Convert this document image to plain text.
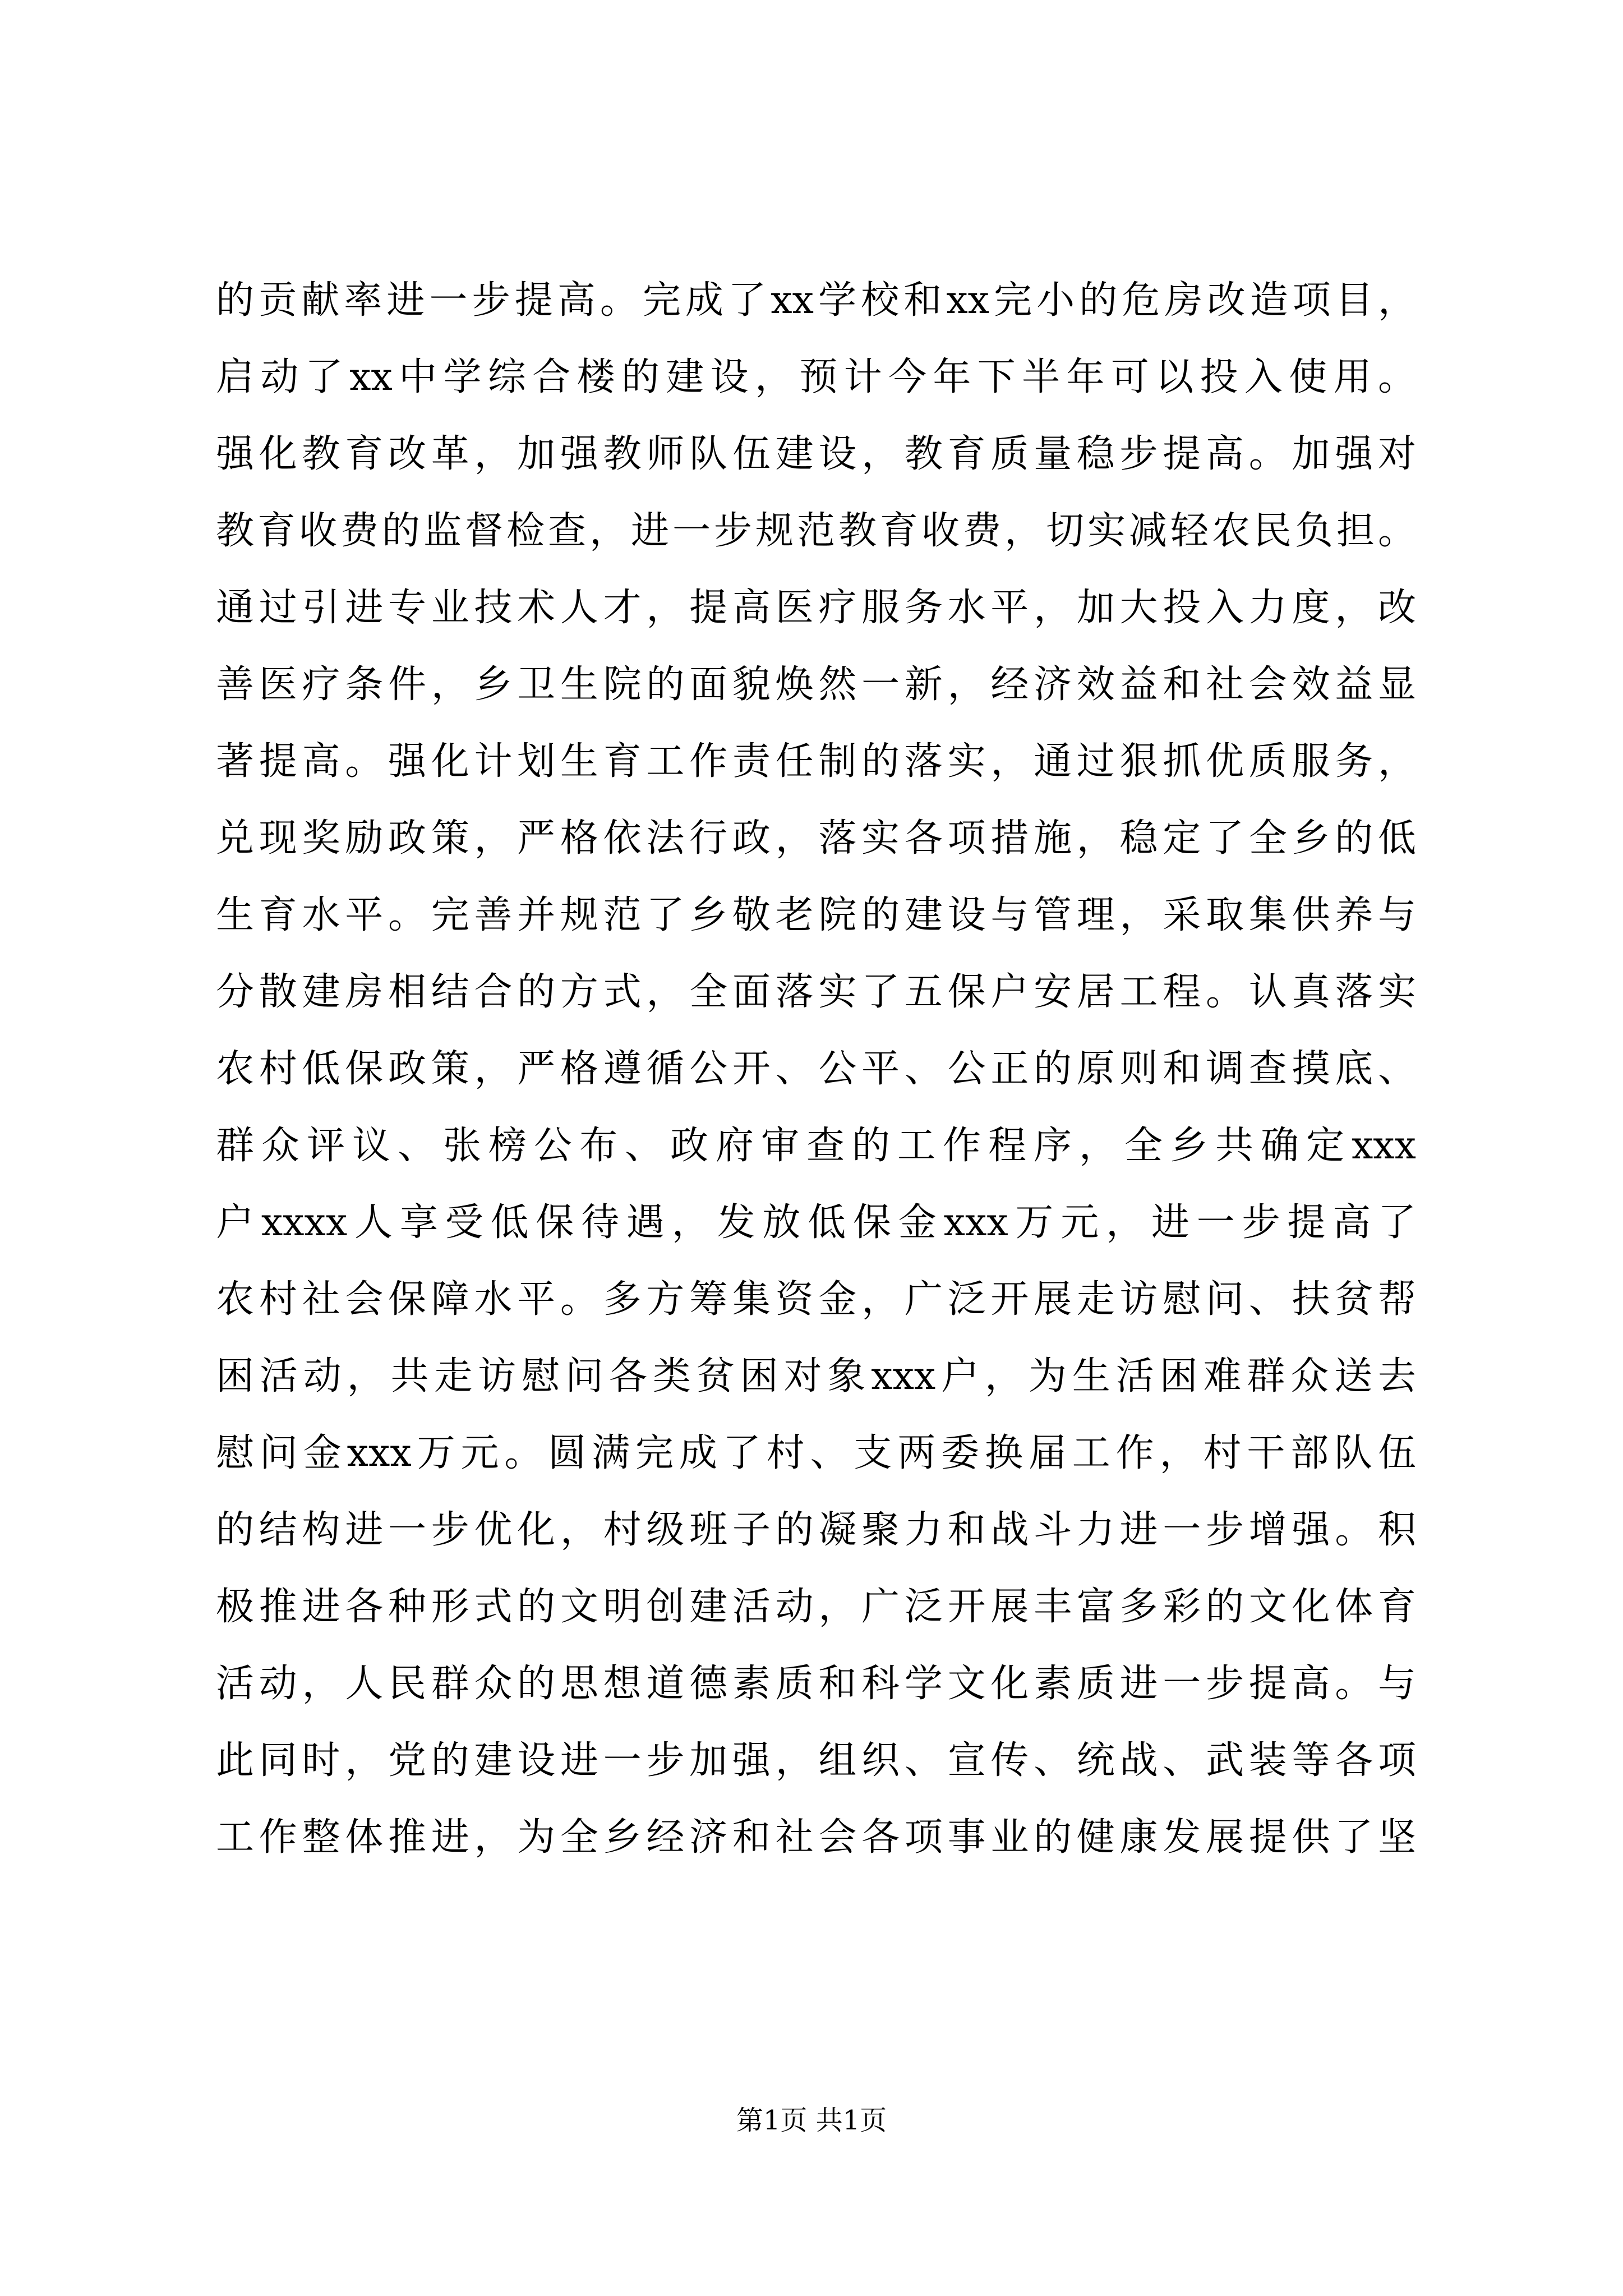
的贡献率进一步提高。完成了xx学校和xx完小的危房改造项目，
启动了xx中学综合楼的建设，预计今年下半年可以投入使用。
强化教育改革，加强教师队伍建设，教育质量稳步提高。加强对
教育收费的监督检查，进一步规范教育收费，切实减轻农民负担。
通过引进专业技术人才，提高医疗服务水平，加大投入力度，改
善医疗条件，乡卫生院的面貌焕然一新，经济效益和社会效益显
著提高。强化计划生育工作责任制的落实，通过狠抓优质服务，
兑现奖励政策，严格依法行政，落实各项措施，稳定了全乡的低
生育水平。完善并规范了乡敬老院的建设与管理，采取集供养与
分散建房相结合的方式，全面落实了五保户安居工程。认真落实
农村低保政策，严格遵循公开、公平、公正的原则和调查摸底、
群众评议、张榜公布、政府审查的工作程序，全乡共确定xxx
户xxxx人享受低保待遇，发放低保金xxx万元，进一步提高了
农村社会保障水平。多方筹集资金，广泛开展走访慰问、扶贫帮
困活动，共走访慰问各类贫困对象xxx户，为生活困难群众送去
慰问金xxx万元。圆满完成了村、支两委换届工作，村干部队伍
的结构进一步优化，村级班子的凝聚力和战斗力进一步增强。积
极推进各种形式的文明创建活动，广泛开展丰富多彩的文化体育
活动，人民群众的思想道德素质和科学文化素质进一步提高。与
此同时，党的建设进一步加强，组织、宣传、统战、武装等各项
工作整体推进，为全乡经济和社会各项事业的健康发展提供了坚
第1页 共1页
